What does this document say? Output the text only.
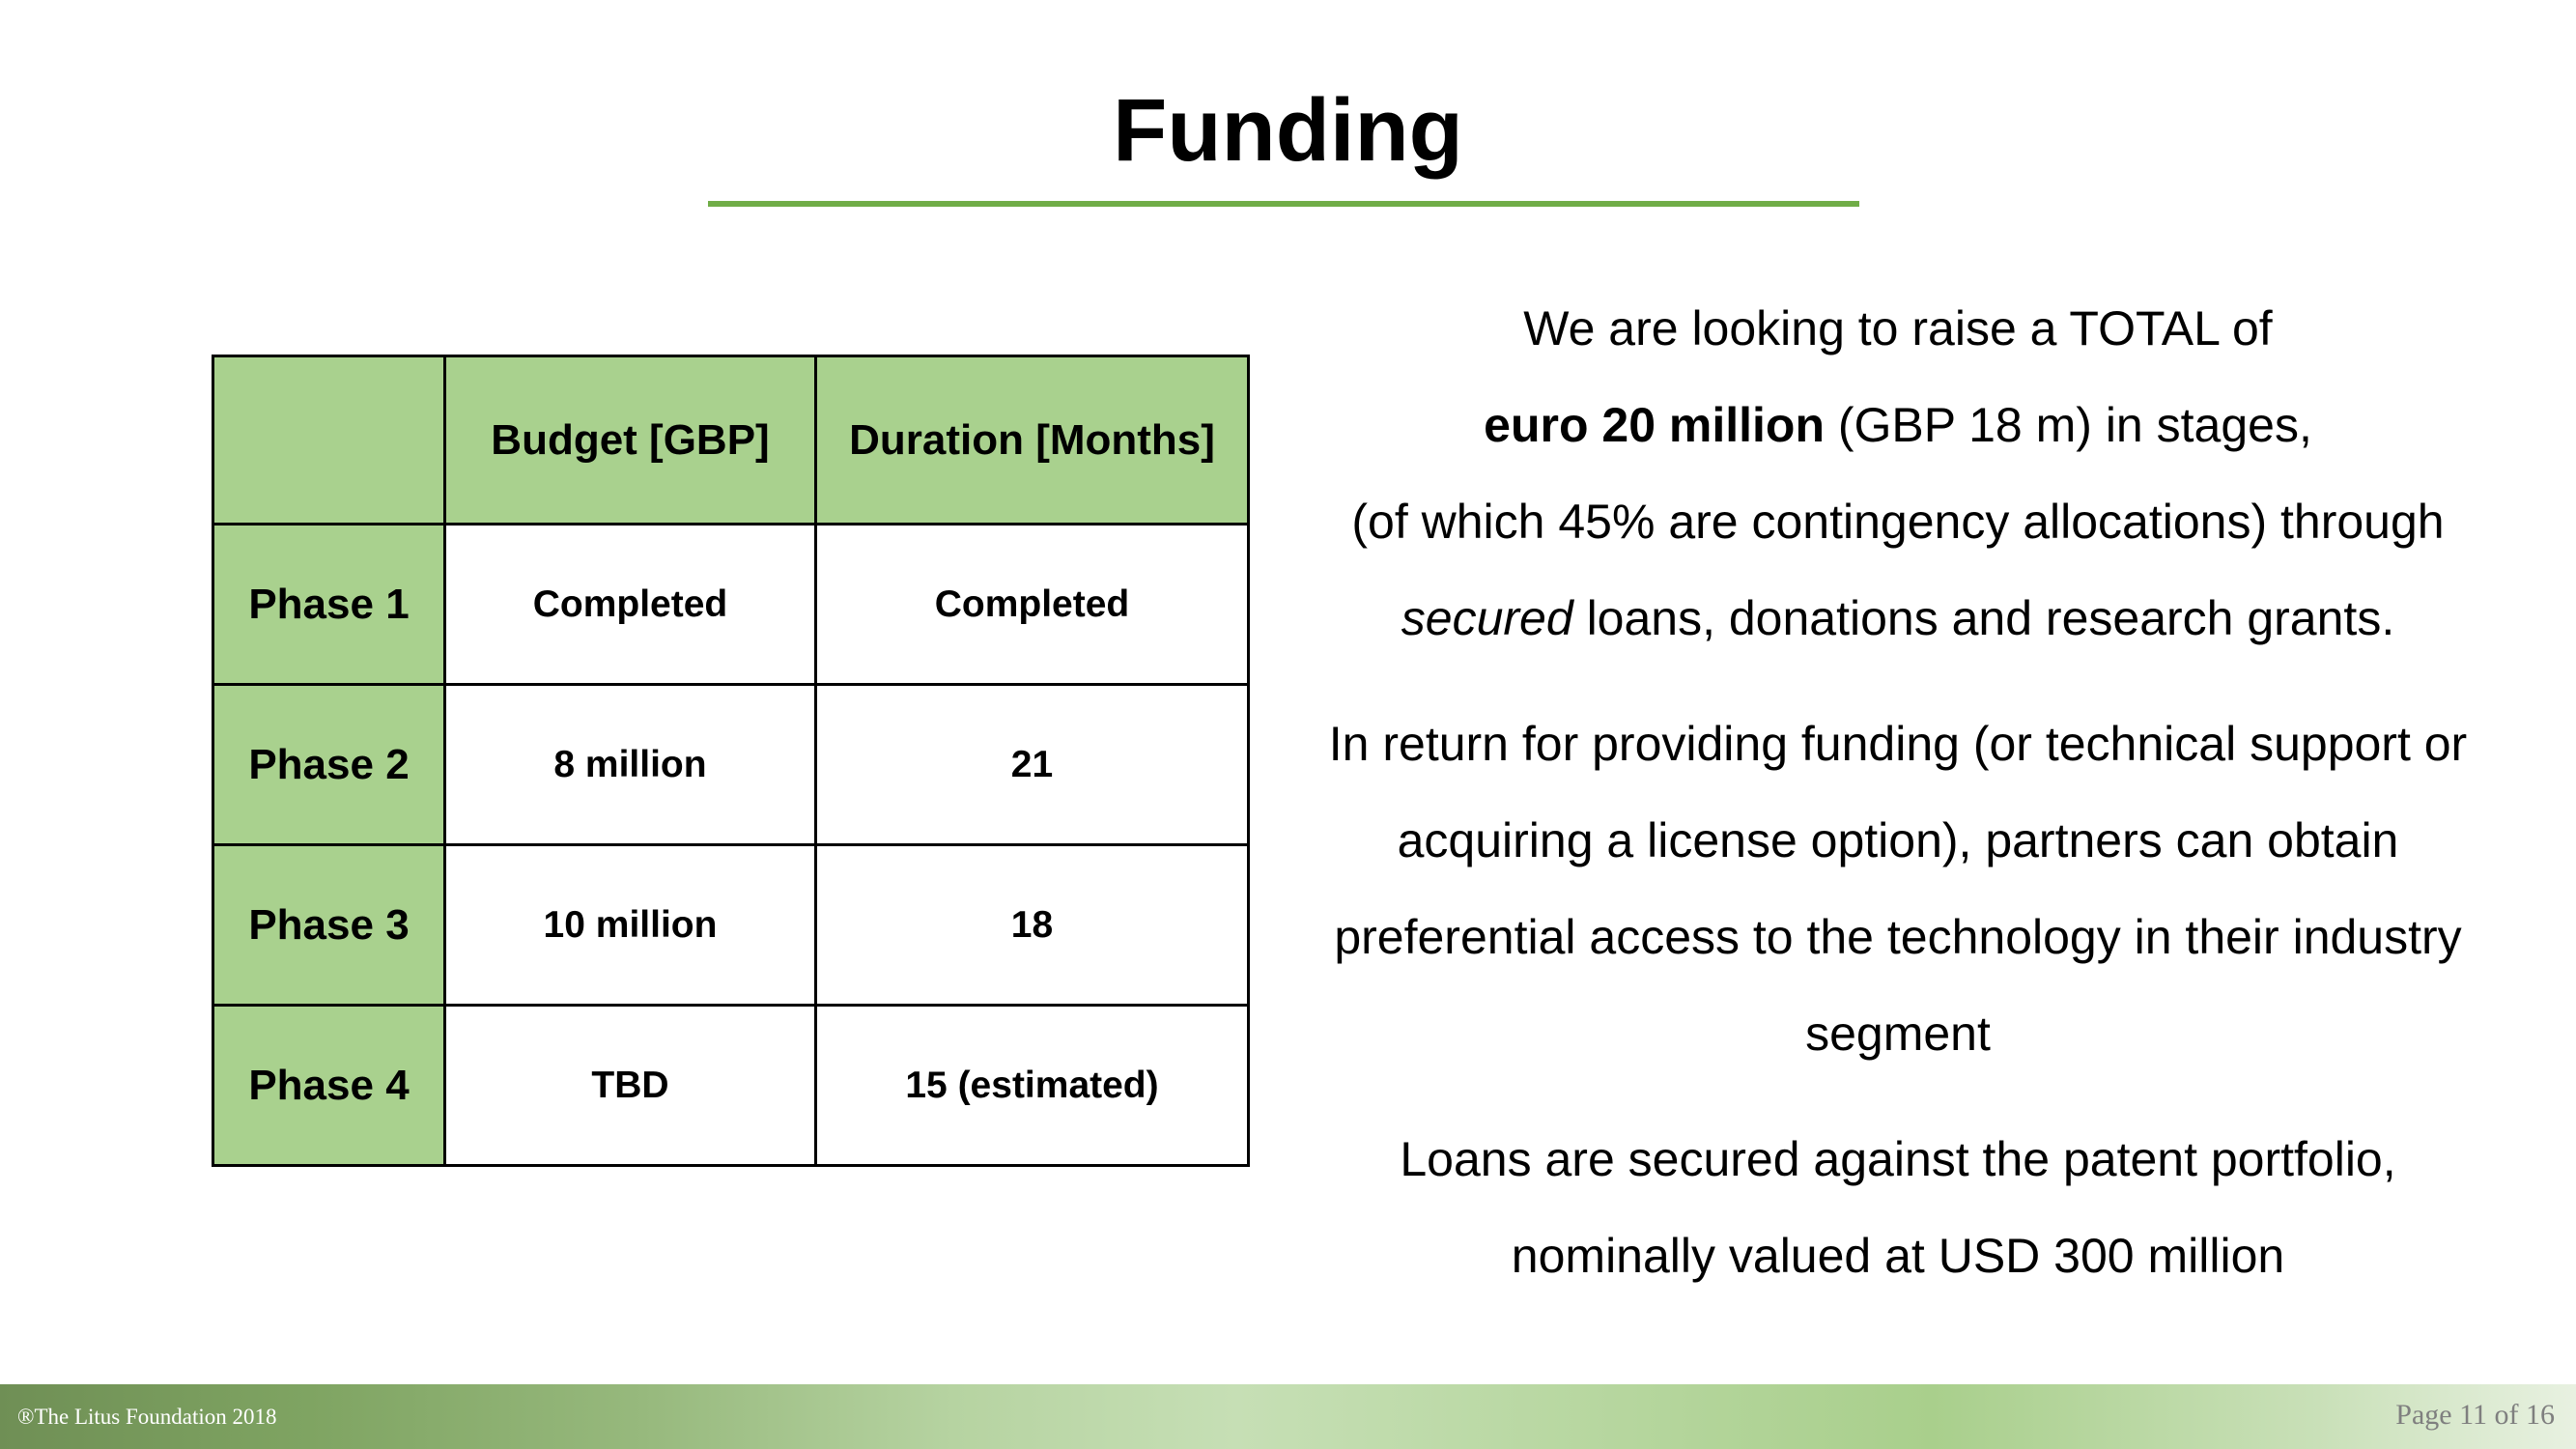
Funding
	Budget [GBP]	Duration [Months]
Phase 1	Completed	Completed
Phase 2	8 million	21
Phase 3	10 million	18
Phase 4	TBD	15 (estimated)

We are looking to raise a TOTAL of
euro 20 million (GBP 18 m) in stages,
(of which 45% are contingency allocations) through
secured loans, donations and research grants.

In return for providing funding (or technical support or acquiring a license option), partners can obtain preferential access to the technology in their industry segment

Loans are secured against the patent portfolio, nominally valued at USD 300 million

®The Litus Foundation 2018	Page 11 of 16
